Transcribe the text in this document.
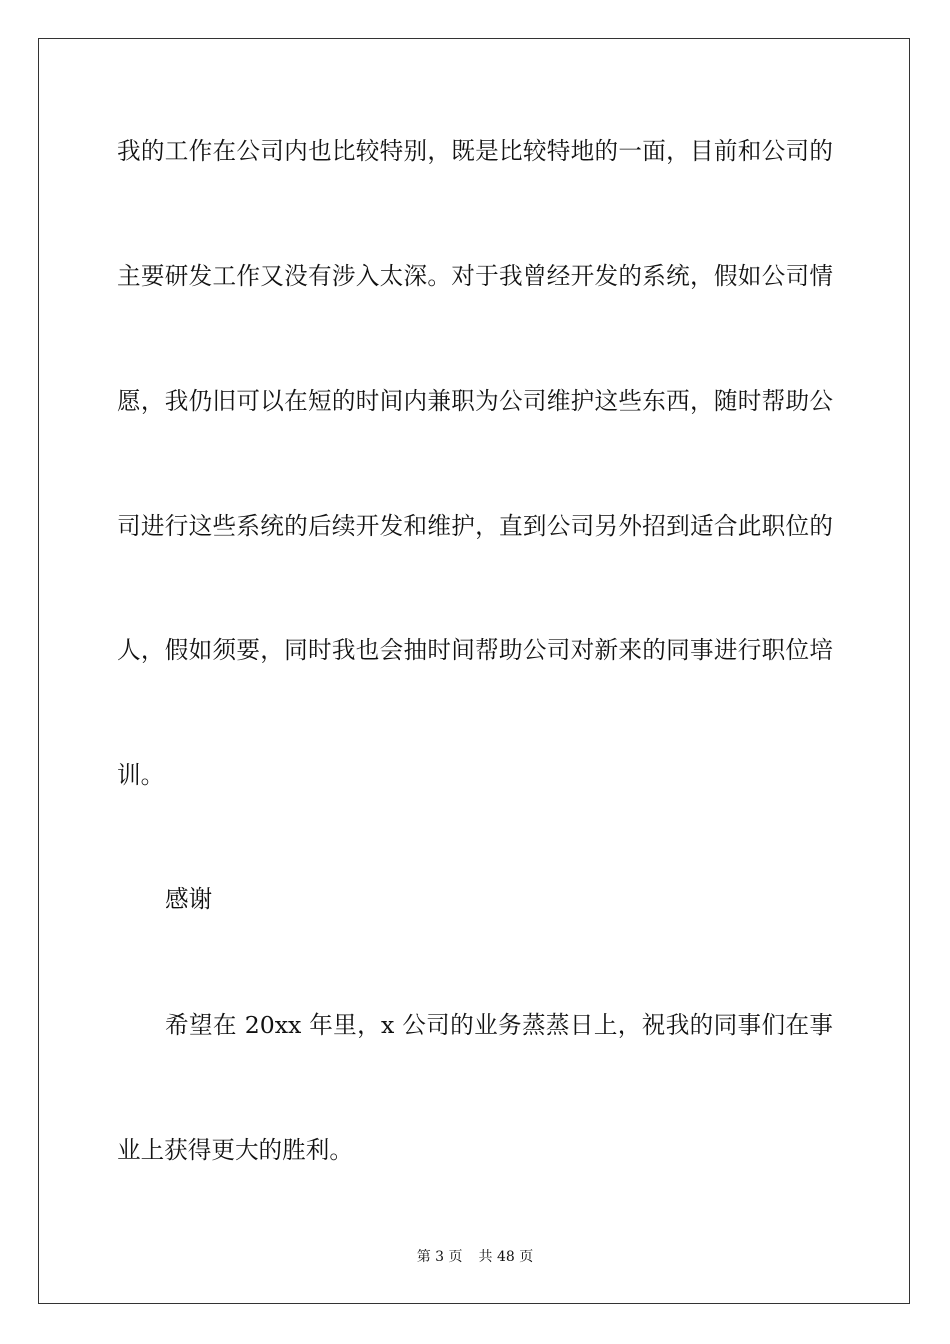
我的工作在公司内也比较特别，既是比较特地的一面，目前和公司的
主要研发工作又没有涉入太深。对于我曾经开发的系统，假如公司情
愿，我仍旧可以在短的时间内兼职为公司维护这些东西，随时帮助公
司进行这些系统的后续开发和维护，直到公司另外招到适合此职位的
人，假如须要，同时我也会抽时间帮助公司对新来的同事进行职位培
训。
感谢
希望在 20xx 年里，x 公司的业务蒸蒸日上，祝我的同事们在事
业上获得更大的胜利。
第 3 页 共 48 页
